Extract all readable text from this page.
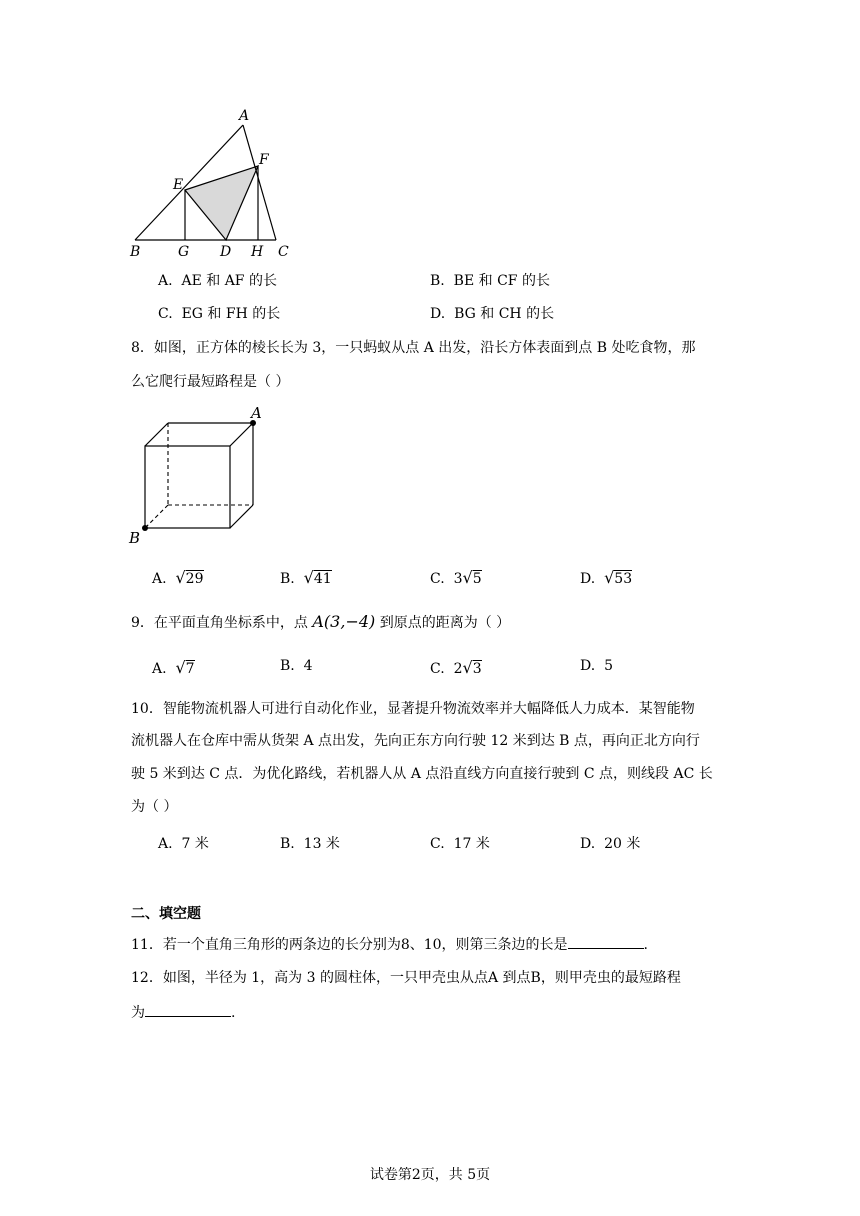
A
F
E
B	G D H C
A. AE 和 AF 的长	B. BE 和 CF 的长
C. EG 和 FH 的长	D. BG 和 CH 的长
8．如图，正方体的棱长长为 3，一只蚂蚁从点 A 出发，沿长方体表面到点 B 处吃食物，那
么它爬行最短路程是（ ）
A
B
A. √29	B. √41	C. 3√5	D. √53
9．在平面直角坐标系中，点 A(3,−4) 到原点的距离为（ ）
A. √7	B. 4	C. 2√3	D. 5
10．智能物流机器人可进行自动化作业，显著提升物流效率并大幅降低人力成本．某智能物
流机器人在仓库中需从货架 A 点出发，先向正东方向行驶 12 米到达 B 点，再向正北方向行
驶 5 米到达 C 点．为优化路线，若机器人从 A 点沿直线方向直接行驶到 C 点，则线段 AC 长
为（ ）
A. 7 米	B. 13 米	C. 17 米	D. 20 米
二、填空题
11．若一个直角三角形的两条边的长分别为8、10，则第三条边的长是	.
12．如图，半径为 1，高为 3 的圆柱体，一只甲壳虫从点A 到点B，则甲壳虫的最短路程
为	.
试卷第2页，共 5页
